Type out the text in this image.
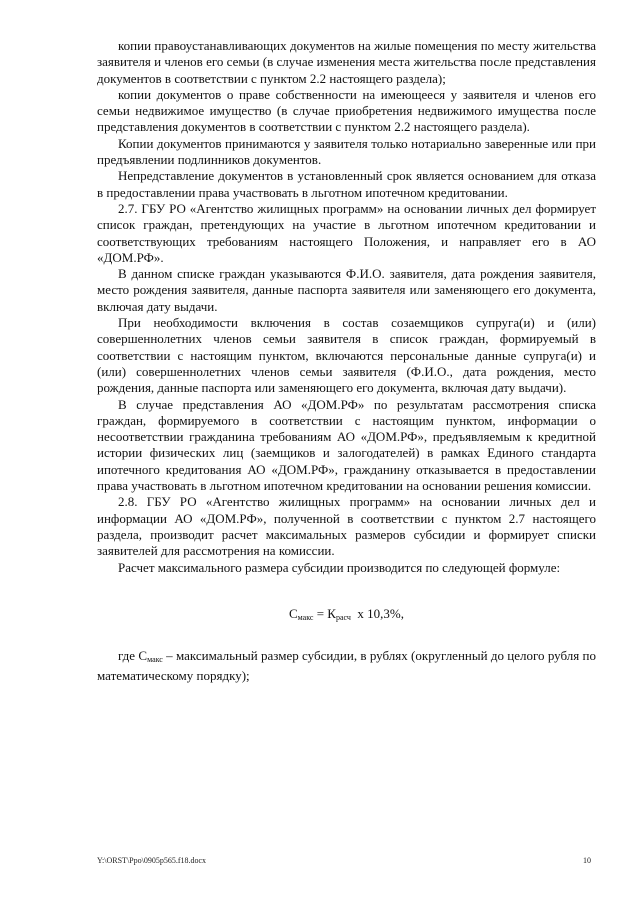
копии правоустанавливающих документов на жилые помещения по месту жительства заявителя и членов его семьи (в случае изменения места жительства после представления документов в соответствии с пунктом 2.2 настоящего раздела);

копии документов о праве собственности на имеющееся у заявителя и членов его семьи недвижимое имущество (в случае приобретения недвижимого имущества после представления документов в соответствии с пунктом 2.2 настоящего раздела).

Копии документов принимаются у заявителя только нотариально заверенные или при предъявлении подлинников документов.

Непредставление документов в установленный срок является основанием для отказа в предоставлении права участвовать в льготном ипотечном кредитовании.

2.7. ГБУ РО «Агентство жилищных программ» на основании личных дел формирует список граждан, претендующих на участие в льготном ипотечном кредитовании и соответствующих требованиям настоящего Положения, и направляет его в АО «ДОМ.РФ».

В данном списке граждан указываются Ф.И.О. заявителя, дата рождения заявителя, место рождения заявителя, данные паспорта заявителя или заменяющего его документа, включая дату выдачи.

При необходимости включения в состав созаемщиков супруга(и) и (или) совершеннолетних членов семьи заявителя в список граждан, формируемый в соответствии с настоящим пунктом, включаются персональные данные супруга(и) и (или) совершеннолетних членов семьи заявителя (Ф.И.О., дата рождения, место рождения, данные паспорта или заменяющего его документа, включая дату выдачи).

В случае представления АО «ДОМ.РФ» по результатам рассмотрения списка граждан, формируемого в соответствии с настоящим пунктом, информации о несоответствии гражданина требованиям АО «ДОМ.РФ», предъявляемым к кредитной истории физических лиц (заемщиков и залогодателей) в рамках Единого стандарта ипотечного кредитования АО «ДОМ.РФ», гражданину отказывается в предоставлении права участвовать в льготном ипотечном кредитовании на основании решения комиссии.

2.8. ГБУ РО «Агентство жилищных программ» на основании личных дел и информации АО «ДОМ.РФ», полученной в соответствии с пунктом 2.7 настоящего раздела, производит расчет максимальных размеров субсидии и формирует списки заявителей для рассмотрения на комиссии.

Расчет максимального размера субсидии производится по следующей формуле:

$С_{макс} = К_{расч}$  х 10,3%,

где $С_{макс}$ – максимальный размер субсидии, в рублях (округленный до целого рубля по математическому порядку);

Y:\ORST\Ppo\0905p565.f18.docx	10
